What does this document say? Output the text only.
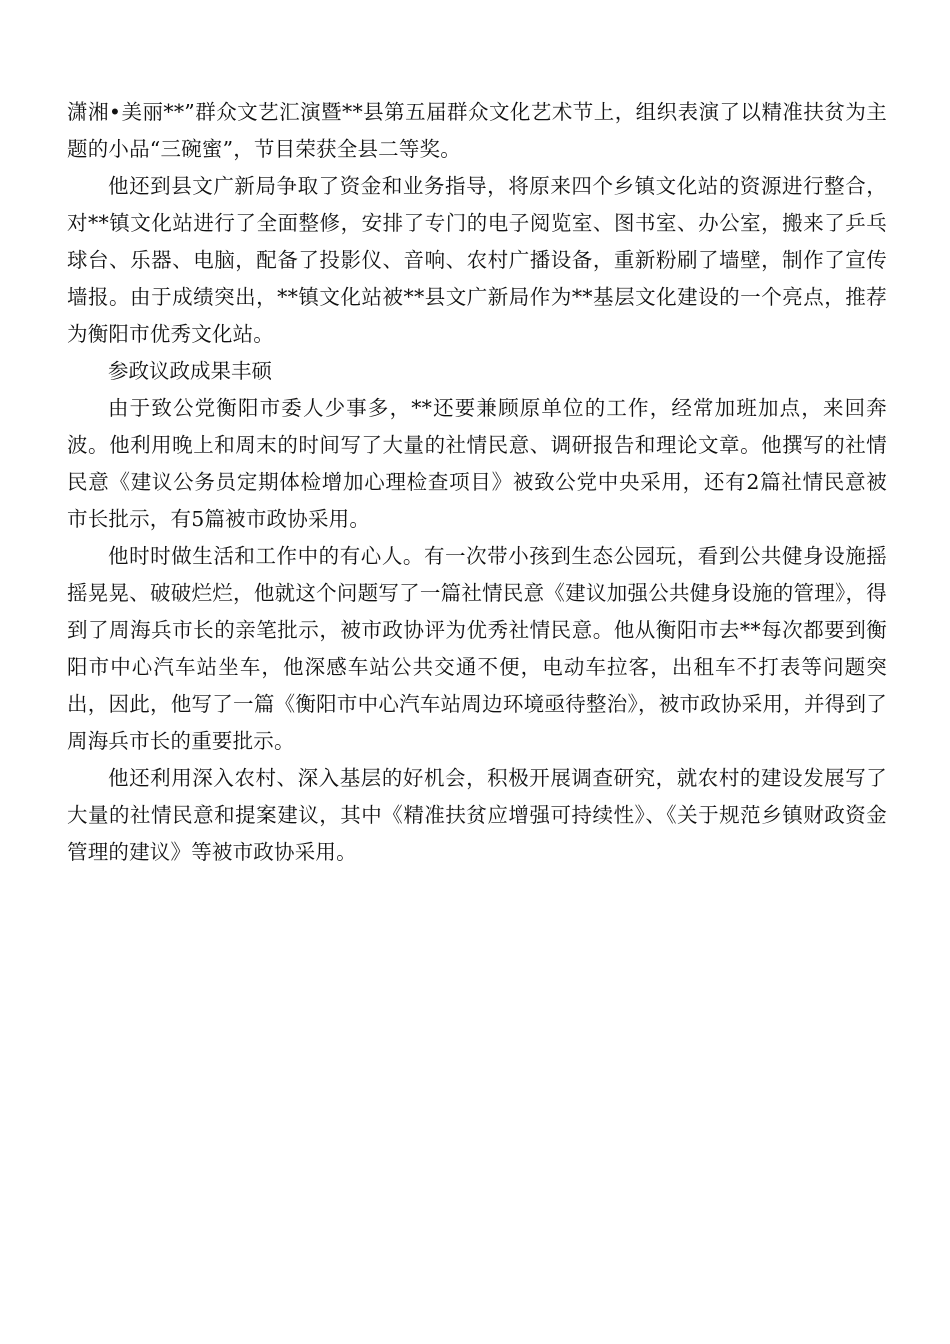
潇湘•美丽**”群众文艺汇演暨**县第五届群众文化艺术节上，组织表演了以精准扶贫为主题的小品“三碗蜜”，节目荣获全县二等奖。

他还到县文广新局争取了资金和业务指导，将原来四个乡镇文化站的资源进行整合，对**镇文化站进行了全面整修，安排了专门的电子阅览室、图书室、办公室，搬来了乒乓球台、乐器、电脑，配备了投影仪、音响、农村广播设备，重新粉刷了墙壁，制作了宣传墙报。由于成绩突出，**镇文化站被**县文广新局作为**基层文化建设的一个亮点，推荐为衡阳市优秀文化站。

参政议政成果丰硕

由于致公党衡阳市委人少事多，**还要兼顾原单位的工作，经常加班加点，来回奔波。他利用晚上和周末的时间写了大量的社情民意、调研报告和理论文章。他撰写的社情民意《建议公务员定期体检增加心理检查项目》被致公党中央采用，还有2篇社情民意被市长批示，有5篇被市政协采用。

他时时做生活和工作中的有心人。有一次带小孩到生态公园玩，看到公共健身设施摇摇晃晃、破破烂烂，他就这个问题写了一篇社情民意《建议加强公共健身设施的管理》，得到了周海兵市长的亲笔批示，被市政协评为优秀社情民意。他从衡阳市去**每次都要到衡阳市中心汽车站坐车，他深感车站公共交通不便，电动车拉客，出租车不打表等问题突出，因此，他写了一篇《衡阳市中心汽车站周边环境亟待整治》，被市政协采用，并得到了周海兵市长的重要批示。

他还利用深入农村、深入基层的好机会，积极开展调查研究，就农村的建设发展写了大量的社情民意和提案建议，其中《精准扶贫应增强可持续性》、《关于规范乡镇财政资金管理的建议》等被市政协采用。
